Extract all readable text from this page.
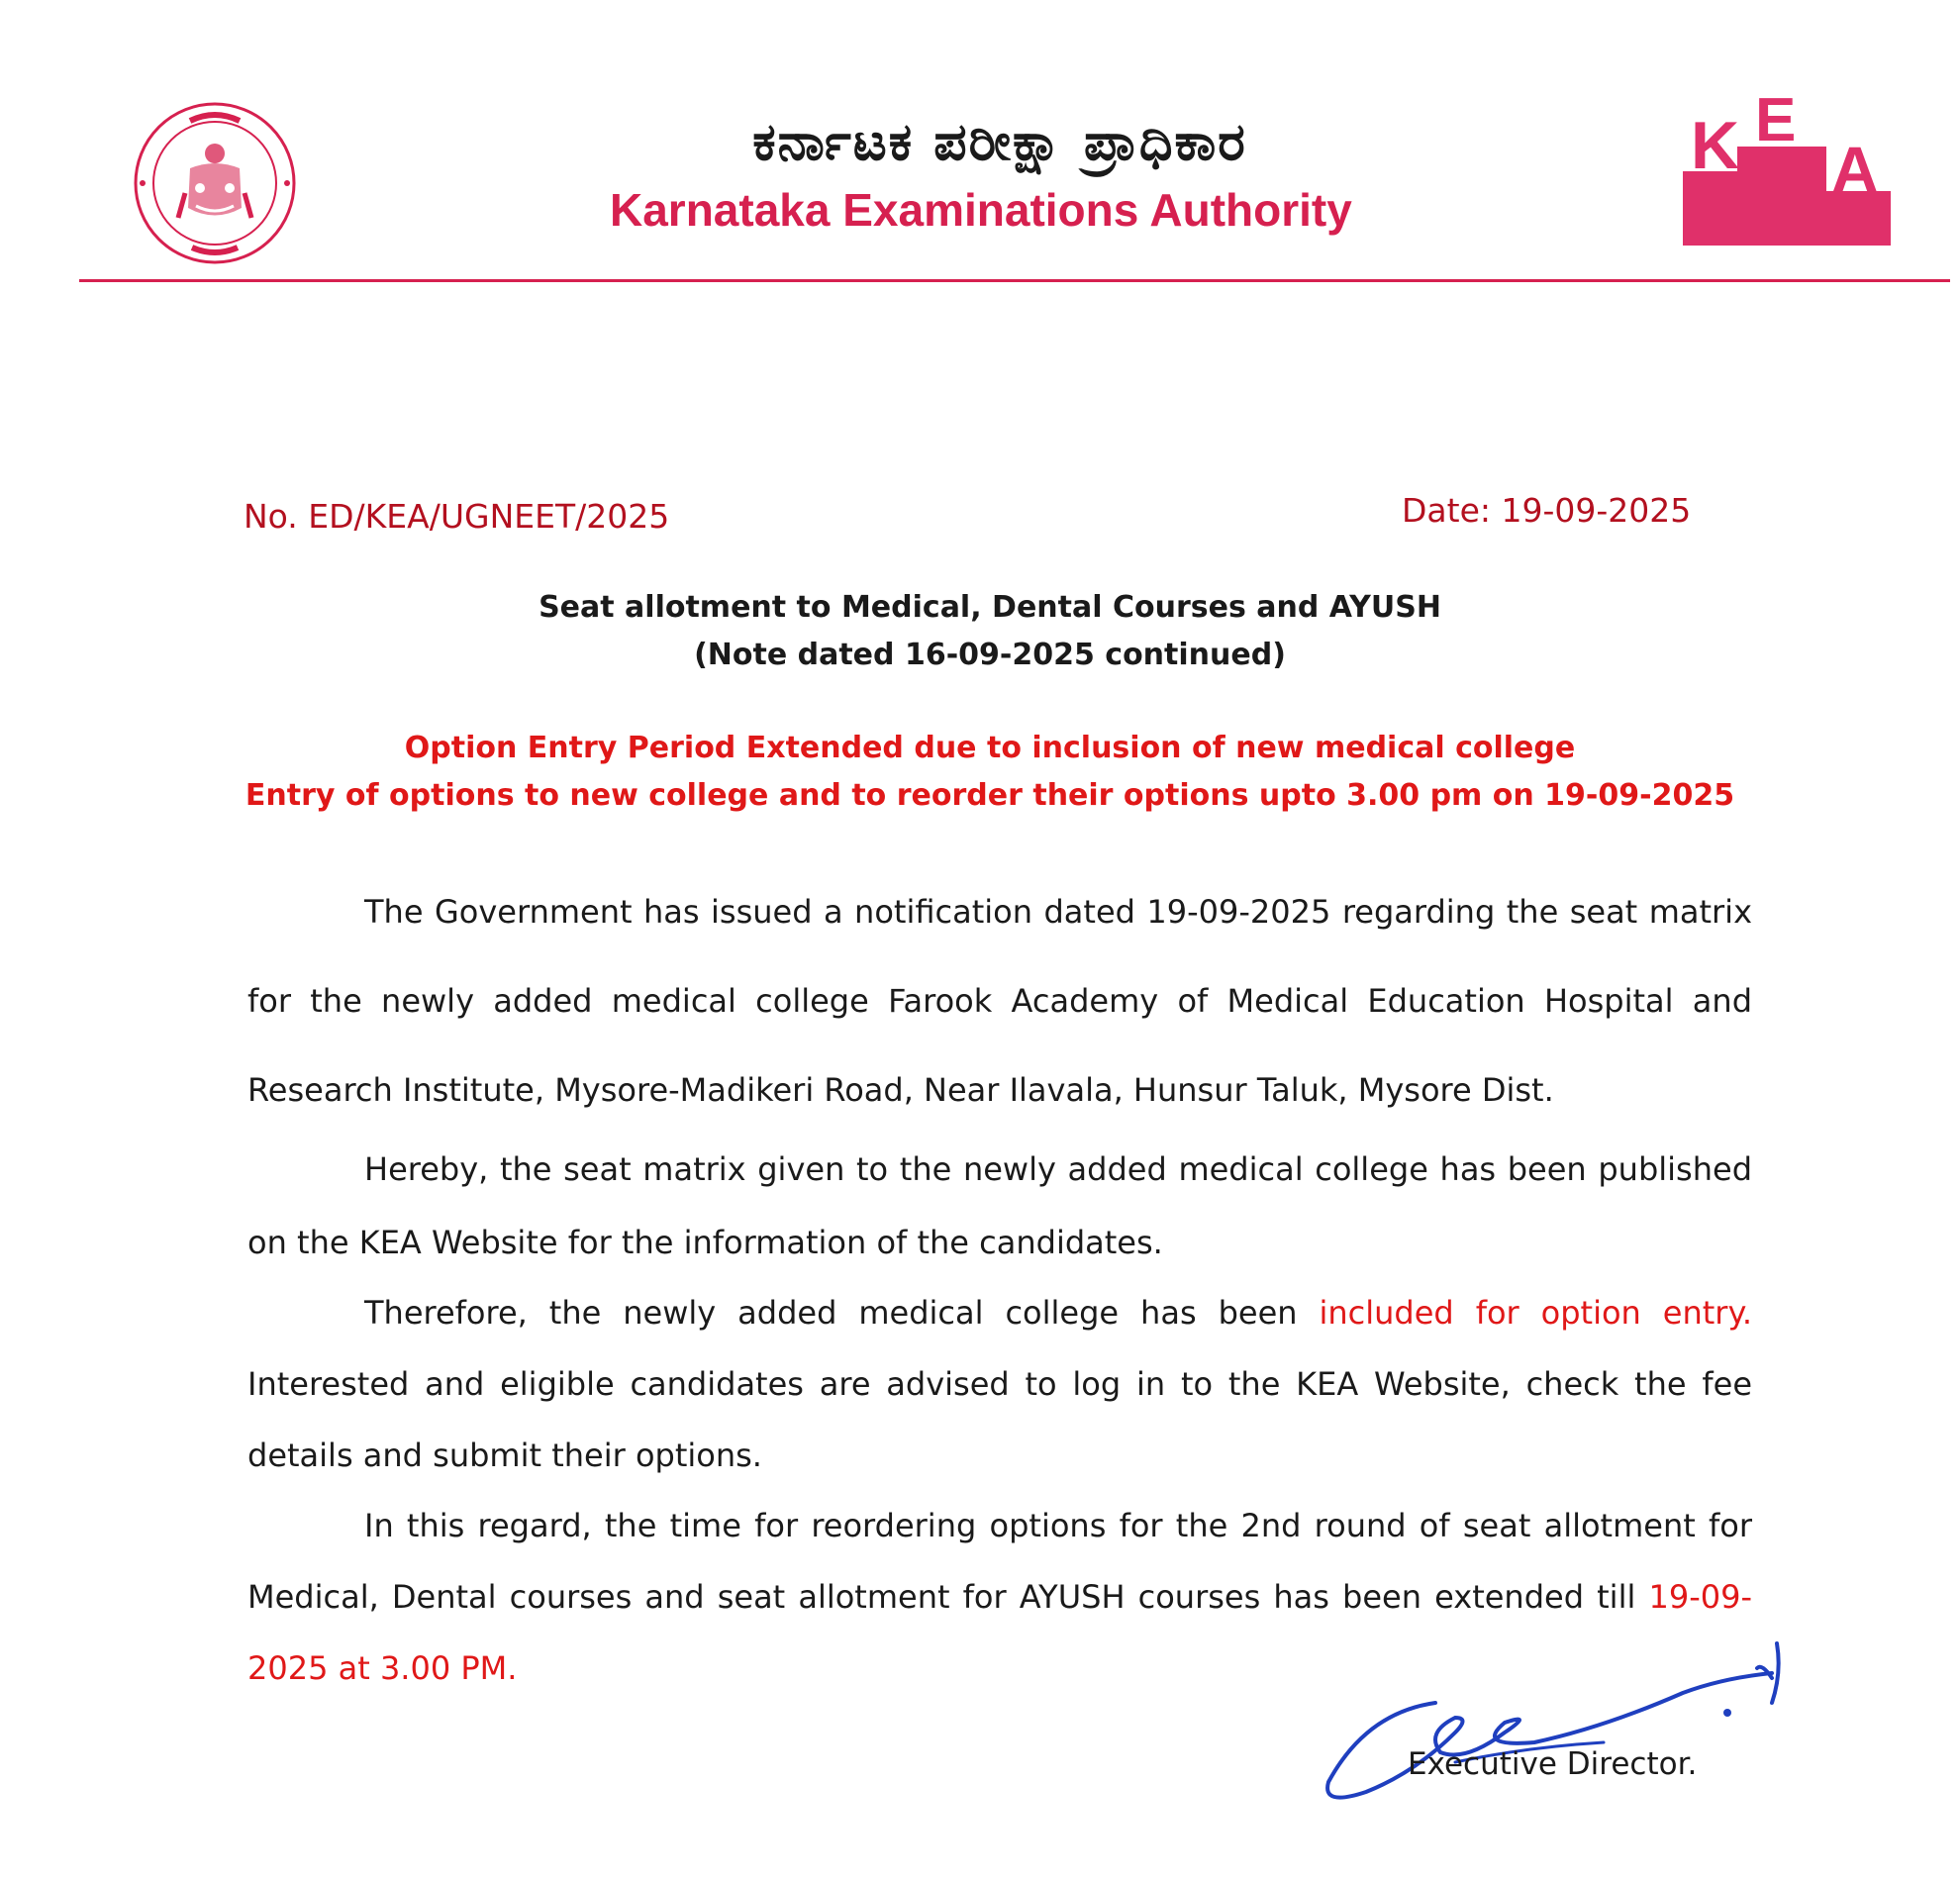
ಕರ್ನಾಟಕ ಪರೀಕ್ಷಾ ಪ್ರಾಧಿಕಾರ
Karnataka Examinations Authority
K E
A
No. ED/KEA/UGNEET/2025	Date: 19-09-2025
Seat allotment to Medical, Dental Courses and AYUSH
(Note dated 16-09-2025 continued)
Option Entry Period Extended due to inclusion of new medical college
Entry of options to new college and to reorder their options upto 3.00 pm on 19-09-2025
The Government has issued a notification dated 19-09-2025 regarding the seat matrix for the newly added medical college Farook Academy of Medical Education Hospital and Research Institute, Mysore-Madikeri Road, Near Ilavala, Hunsur Taluk, Mysore Dist.
Hereby, the seat matrix given to the newly added medical college has been published on the KEA Website for the information of the candidates.
Therefore, the newly added medical college has been included for option entry. Interested and eligible candidates are advised to log in to the KEA Website, check the fee details and submit their options.
In this regard, the time for reordering options for the 2nd round of seat allotment for Medical, Dental courses and seat allotment for AYUSH courses has been extended till 19-09-2025 at 3.00 PM.
Executive Director.
